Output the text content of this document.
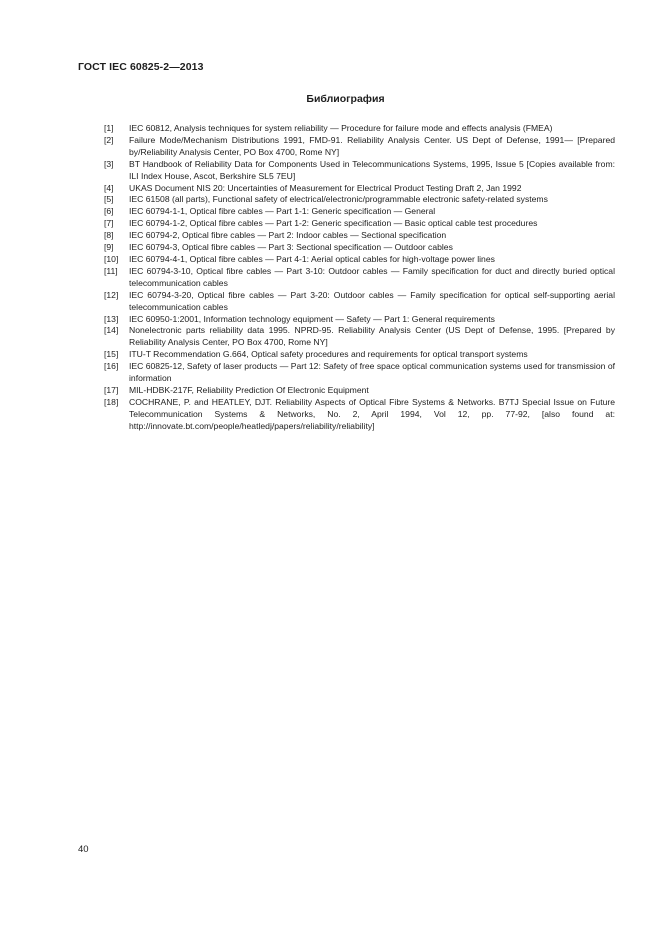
ГОСТ IEC 60825-2—2013
Библиография
[1]	IEC 60812, Analysis techniques for system reliability — Procedure for failure mode and effects analysis (FMEA)
[2]	Failure Mode/Mechanism Distributions 1991, FMD-91. Reliability Analysis Center. US Dept of Defense, 1991— [Prepared by/Reliability Analysis Center, PO Box 4700, Rome NY]
[3]	BT Handbook of Reliability Data for Components Used in Telecommunications Systems, 1995, Issue 5 [Copies available from: ILI Index House, Ascot, Berkshire SL5 7EU]
[4]	UKAS Document NIS 20: Uncertainties of Measurement for Electrical Product Testing Draft 2, Jan 1992
[5]	IEC 61508 (all parts), Functional safety of electrical/electronic/programmable electronic safety-related systems
[6]	IEC 60794-1-1, Optical fibre cables — Part 1-1: Generic specification — General
[7]	IEC 60794-1-2, Optical fibre cables — Part 1-2: Generic specification — Basic optical cable test procedures
[8]	IEC 60794-2, Optical fibre cables — Part 2: Indoor cables — Sectional specification
[9]	IEC 60794-3, Optical fibre cables — Part 3: Sectional specification — Outdoor cables
[10]	IEC 60794-4-1, Optical fibre cables — Part 4-1: Aerial optical cables for high-voltage power lines
[11]	IEC 60794-3-10, Optical fibre cables — Part 3-10: Outdoor cables — Family specification for duct and directly buried optical telecommunication cables
[12]	IEC 60794-3-20, Optical fibre cables — Part 3-20: Outdoor cables — Family specification for optical self-supporting aerial telecommunication cables
[13]	IEC 60950-1:2001, Information technology equipment — Safety — Part 1: General requirements
[14]	Nonelectronic parts reliability data 1995. NPRD-95. Reliability Analysis Center (US Dept of Defense, 1995. [Prepared by Reliability Analysis Center, PO Box 4700, Rome NY]
[15]	ITU-T Recommendation G.664, Optical safety procedures and requirements for optical transport systems
[16]	IEC 60825-12, Safety of laser products — Part 12: Safety of free space optical communication systems used for transmission of information
[17]	MIL-HDBK-217F, Reliability Prediction Of Electronic Equipment
[18]	COCHRANE, P. and HEATLEY, DJT. Reliability Aspects of Optical Fibre Systems & Networks. B7TJ Special Issue on Future Telecommunication Systems & Networks, No. 2, April 1994, Vol 12, pp. 77-92, [also found at: http://innovate.bt.com/people/heatledj/papers/reliability/reliability]
40
